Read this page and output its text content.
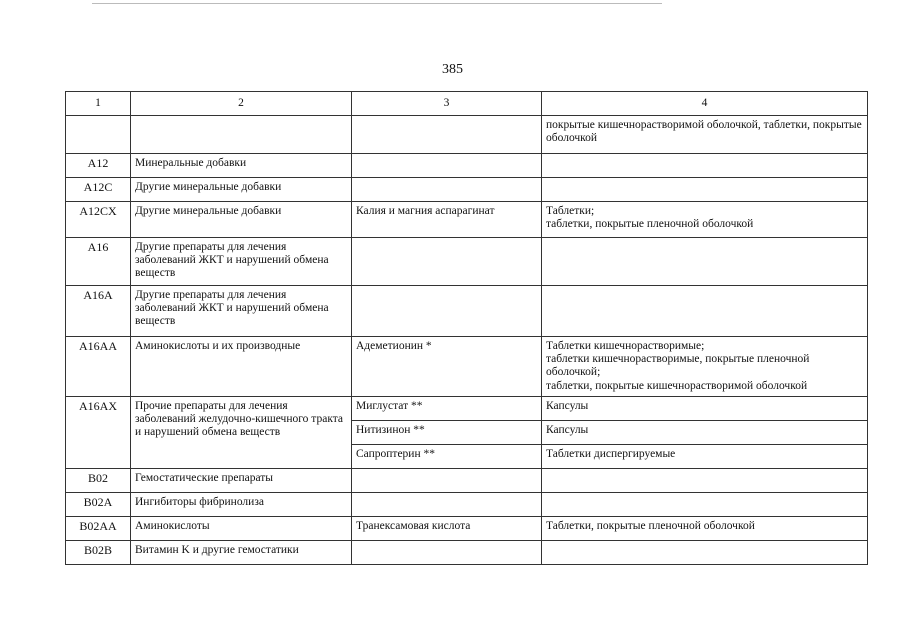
385
1	2	3	4
			покрытые кишечнорастворимой оболочкой, таблетки, покрытые оболочкой
A12	Минеральные добавки		
A12C	Другие минеральные добавки		
A12CX	Другие минеральные добавки	Калия и магния аспарагинат	Таблетки;
таблетки, покрытые пленочной оболочкой
A16	Другие препараты для лечения заболеваний ЖКТ и нарушений обмена веществ		
A16A	Другие препараты для лечения заболеваний ЖКТ и нарушений обмена веществ		
A16AA	Аминокислоты и их производные	Адеметионин *	Таблетки кишечнорастворимые;
таблетки кишечнорастворимые, покрытые пленочной оболочкой;
таблетки, покрытые кишечнорастворимой оболочкой
A16AX	Прочие препараты для лечения заболеваний желудочно-кишечного тракта и нарушений обмена веществ	Миглустат **	Капсулы
		Нитизинон **	Капсулы
		Сапроптерин **	Таблетки диспергируемые
B02	Гемостатические препараты		
B02A	Ингибиторы фибринолиза		
B02AA	Аминокислоты	Транексамовая кислота	Таблетки, покрытые пленочной оболочкой
B02B	Витамин K и другие гемостатики		
